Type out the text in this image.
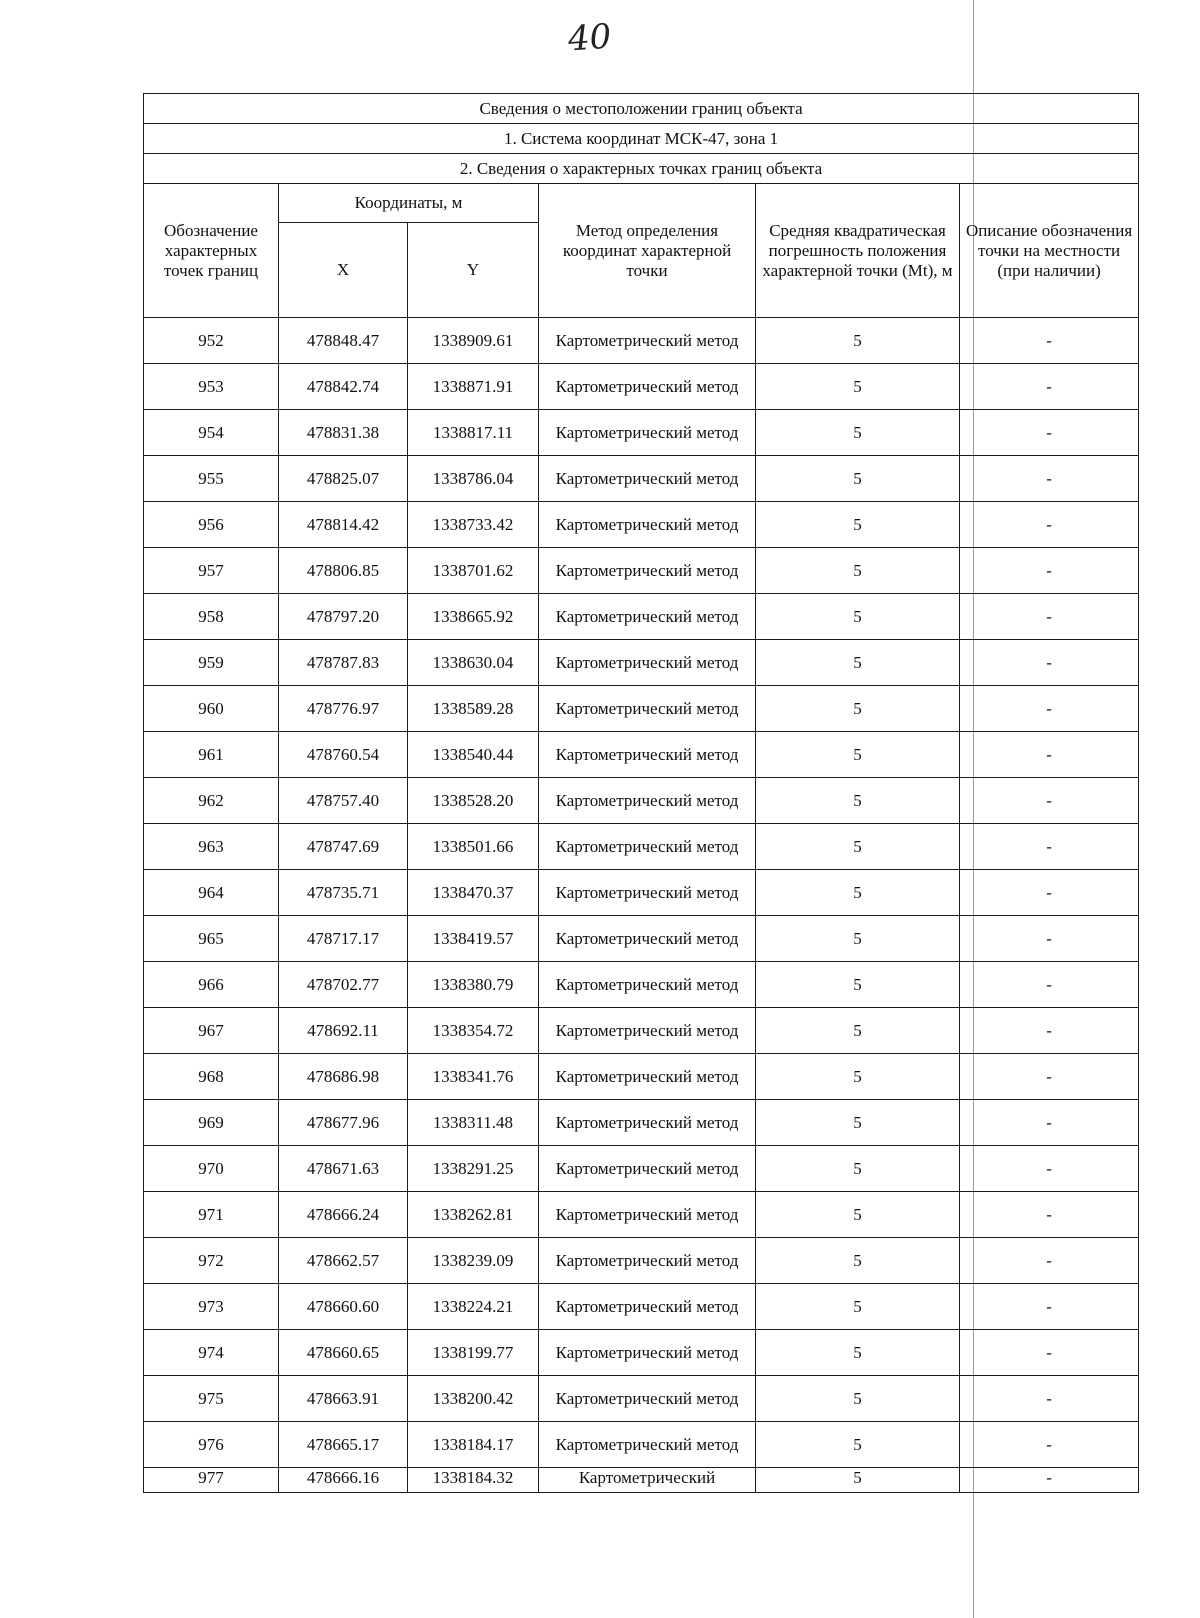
40
Сведения о местоположении границ объекта					
1. Система координат МСК-47, зона 1					
2. Сведения о характерных точках границ объекта					
Обозначение характерных точек границ	Координаты, м		Метод определения координат характерной точки	Средняя квадратическая погрешность положения характерной точки (Mt), м	Описание обозначения точки на местности (при наличии)
	X	Y			
952	478848.47	1338909.61	Картометрический метод	5	-
953	478842.74	1338871.91	Картометрический метод	5	-
954	478831.38	1338817.11	Картометрический метод	5	-
955	478825.07	1338786.04	Картометрический метод	5	-
956	478814.42	1338733.42	Картометрический метод	5	-
957	478806.85	1338701.62	Картометрический метод	5	-
958	478797.20	1338665.92	Картометрический метод	5	-
959	478787.83	1338630.04	Картометрический метод	5	-
960	478776.97	1338589.28	Картометрический метод	5	-
961	478760.54	1338540.44	Картометрический метод	5	-
962	478757.40	1338528.20	Картометрический метод	5	-
963	478747.69	1338501.66	Картометрический метод	5	-
964	478735.71	1338470.37	Картометрический метод	5	-
965	478717.17	1338419.57	Картометрический метод	5	-
966	478702.77	1338380.79	Картометрический метод	5	-
967	478692.11	1338354.72	Картометрический метод	5	-
968	478686.98	1338341.76	Картометрический метод	5	-
969	478677.96	1338311.48	Картометрический метод	5	-
970	478671.63	1338291.25	Картометрический метод	5	-
971	478666.24	1338262.81	Картометрический метод	5	-
972	478662.57	1338239.09	Картометрический метод	5	-
973	478660.60	1338224.21	Картометрический метод	5	-
974	478660.65	1338199.77	Картометрический метод	5	-
975	478663.91	1338200.42	Картометрический метод	5	-
976	478665.17	1338184.17	Картометрический метод	5	-
977	478666.16	1338184.32	Картометрический	5	-
